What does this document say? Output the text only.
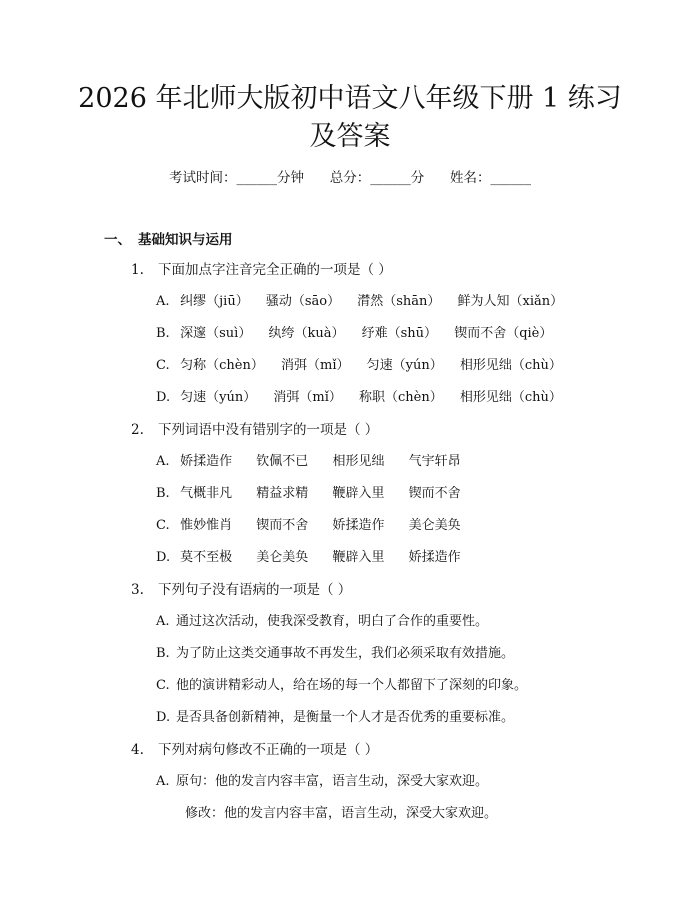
2026 年北师大版初中语文八年级下册 1 练习
及答案
考试时间：______分钟      总分：______分      姓名：______
一、 基础知识与运用
1. 下面加点字注音完全正确的一项是（ ）
A. 纠缪（jiū） 骚动（sāo） 潸然（shān） 鲜为人知（xiǎn）
B. 深邃（suì） 纨绔（kuà） 纾难（shū） 锲而不舍（qiè）
C. 匀称（chèn） 消弭（mǐ） 匀速（yún） 相形见绌（chù）
D. 匀速（yún） 消弭（mǐ） 称职（chèn） 相形见绌（chù）
2. 下列词语中没有错别字的一项是（ ）
A. 娇揉造作 钦佩不已 相形见绌 气宇轩昂
B. 气概非凡 精益求精 鞭辟入里 锲而不舍
C. 惟妙惟肖 锲而不舍 娇揉造作 美仑美奂
D. 莫不至极 美仑美奂 鞭辟入里 娇揉造作
3. 下列句子没有语病的一项是（ ）
A. 通过这次活动，使我深受教育，明白了合作的重要性。
B. 为了防止这类交通事故不再发生，我们必须采取有效措施。
C. 他的演讲精彩动人，给在场的每一个人都留下了深刻的印象。
D. 是否具备创新精神，是衡量一个人才是否优秀的重要标准。
4. 下列对病句修改不正确的一项是（ ）
A. 原句：他的发言内容丰富，语言生动，深受大家欢迎。
修改：他的发言内容丰富，语言生动，深受大家欢迎。
